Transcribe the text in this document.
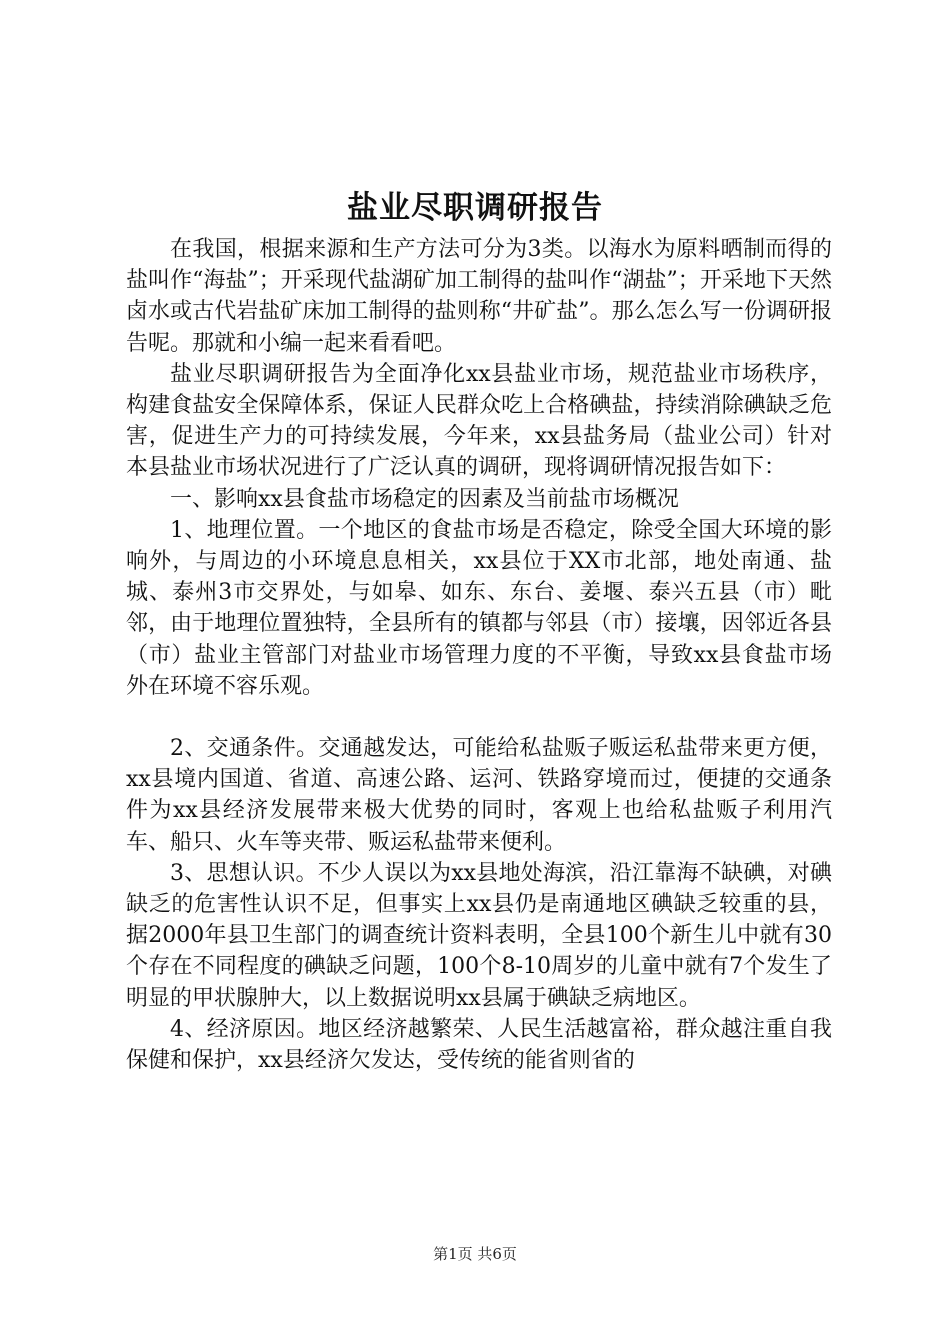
盐业尽职调研报告

在我国，根据来源和生产方法可分为3类。以海水为原料晒制而得的盐叫作“海盐”；开采现代盐湖矿加工制得的盐叫作“湖盐”；开采地下天然卤水或古代岩盐矿床加工制得的盐则称“井矿盐”。那么怎么写一份调研报告呢。那就和小编一起来看看吧。

盐业尽职调研报告为全面净化xx县盐业市场，规范盐业市场秩序，构建食盐安全保障体系，保证人民群众吃上合格碘盐，持续消除碘缺乏危害，促进生产力的可持续发展，今年来，xx县盐务局（盐业公司）针对本县盐业市场状况进行了广泛认真的调研，现将调研情况报告如下：

一、影响xx县食盐市场稳定的因素及当前盐市场概况

1、地理位置。一个地区的食盐市场是否稳定，除受全国大环境的影响外，与周边的小环境息息相关，xx县位于XX市北部，地处南通、盐城、泰州3市交界处，与如皋、如东、东台、姜堰、泰兴五县（市）毗邻，由于地理位置独特，全县所有的镇都与邻县（市）接壤，因邻近各县（市）盐业主管部门对盐业市场管理力度的不平衡，导致xx县食盐市场外在环境不容乐观。

2、交通条件。交通越发达，可能给私盐贩子贩运私盐带来更方便，xx县境内国道、省道、高速公路、运河、铁路穿境而过，便捷的交通条件为xx县经济发展带来极大优势的同时，客观上也给私盐贩子利用汽车、船只、火车等夹带、贩运私盐带来便利。

3、思想认识。不少人误以为xx县地处海滨，沿江靠海不缺碘，对碘缺乏的危害性认识不足，但事实上xx县仍是南通地区碘缺乏较重的县，据2000年县卫生部门的调查统计资料表明，全县100个新生儿中就有30个存在不同程度的碘缺乏问题，100个8-10周岁的儿童中就有7个发生了明显的甲状腺肿大，以上数据说明xx县属于碘缺乏病地区。

4、经济原因。地区经济越繁荣、人民生活越富裕，群众越注重自我保健和保护，xx县经济欠发达，受传统的能省则省的

第1页 共6页
